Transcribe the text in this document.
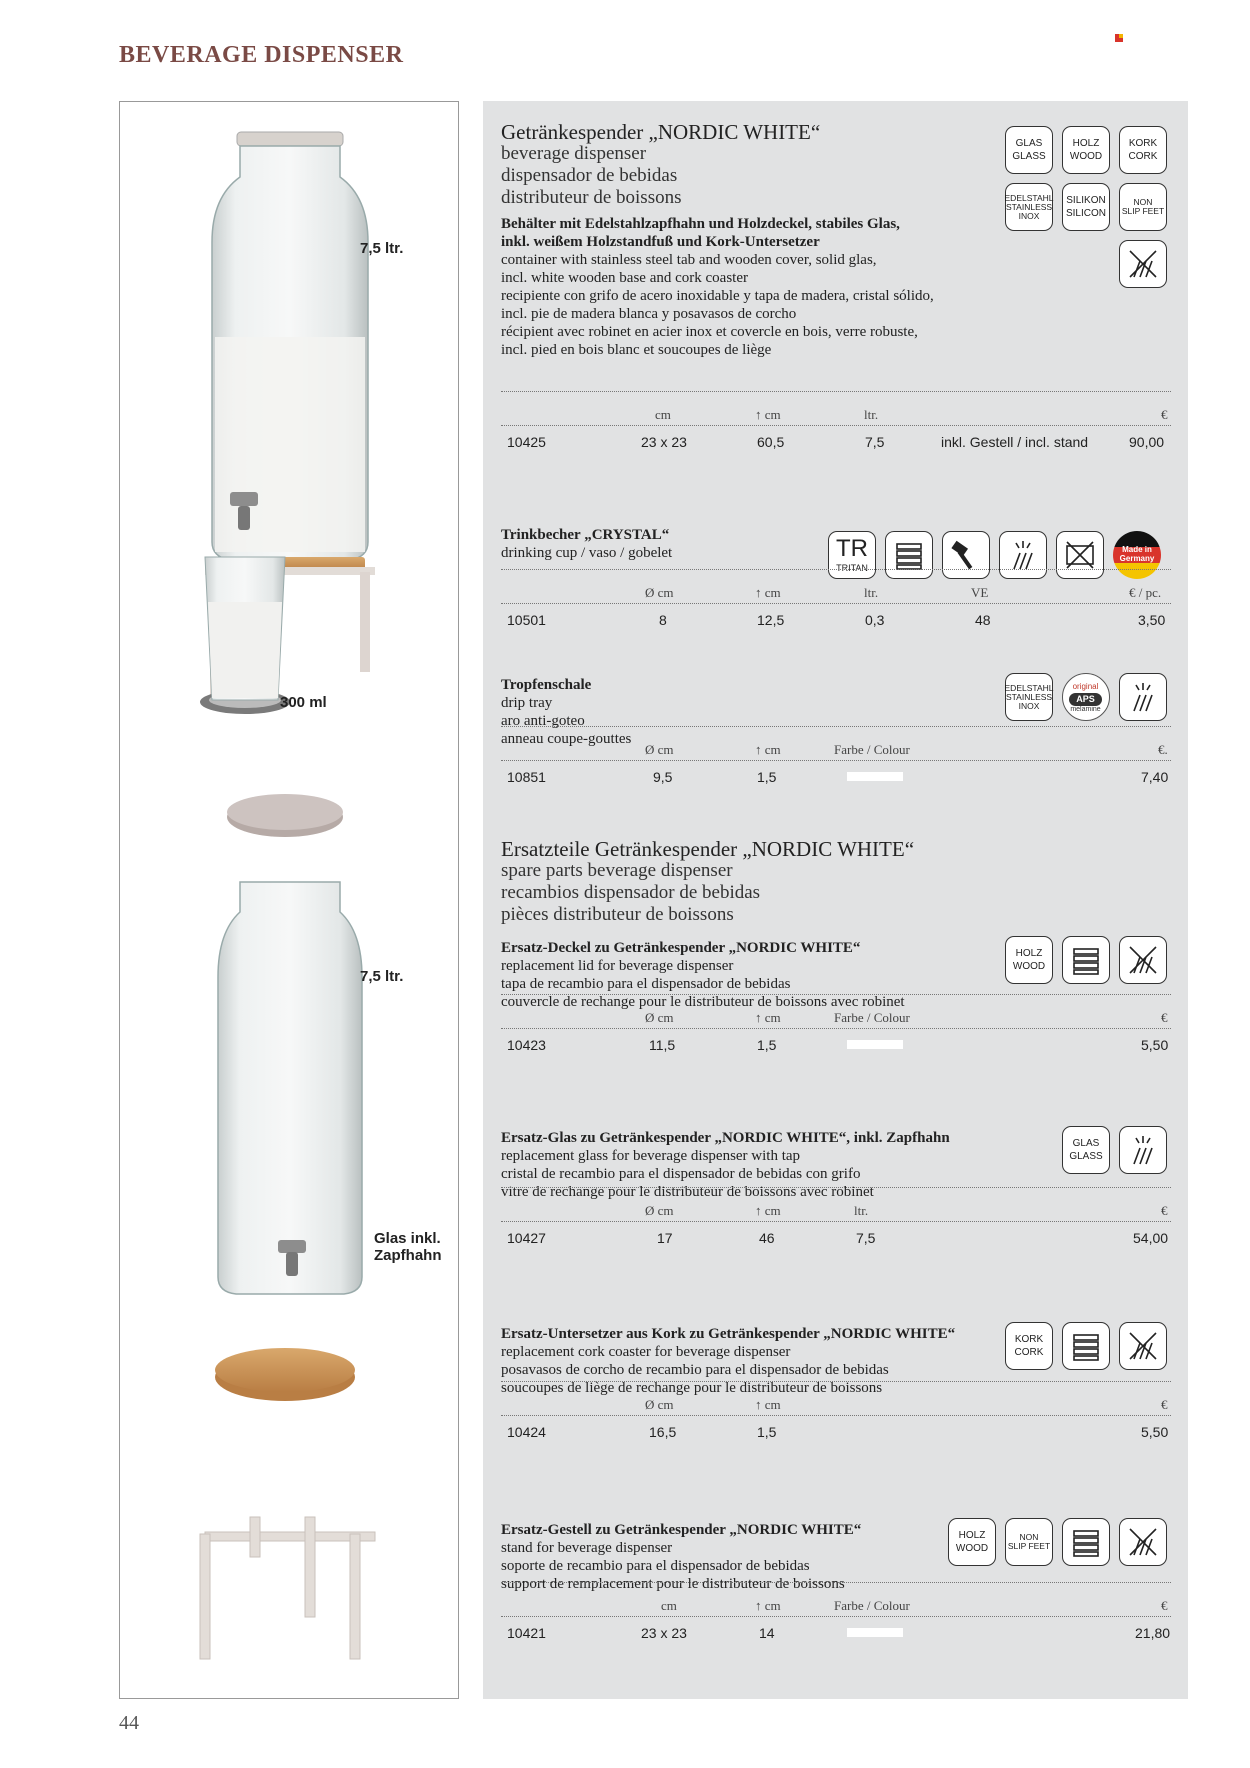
BEVERAGE DISPENSER
44
7,5 ltr.
300 ml
7,5 ltr.
Glas inkl.
Zapfhahn
Getränkespender „NORDIC WHITE“
beverage dispenser
dispensador de bebidas
distributeur de boissons
Behälter mit Edelstahlzapfhahn und Holzdeckel, stabiles Glas,
inkl. weißem Holzstandfuß und Kork-Untersetzer
container with stainless steel tab and wooden cover, solid glas,
incl. white wooden base and cork coaster
recipiente con grifo de acero inoxidable y tapa de madera, cristal sólido,
incl. pie de madera blanca y posavasos de corcho
récipient avec robinet en acier inox et coverclе en bois, verre robuste,
incl. pied en bois blanc et soucoupes de liège
GLAS
GLASS
HOLZ
WOOD
KORK
CORK
EDELSTAHL
STAINLESS
INOX
SILIKON
SILICON
NON
SLIP FEET
cm	↑ cm	ltr.	€
10425	23 x 23	60,5	7,5	inkl. Gestell / incl. stand	90,00
Trinkbecher „CRYSTAL“
drinking cup / vaso / gobelet	TR
TRITAN
Made in
Germany
Ø cm	↑ cm	ltr.	VE	€ / pc.
10501	8	12,5	0,3	48	3,50
Tropfenschale
drip tray
aro anti-goteo
anneau coupe-gouttes
EDELSTAHL
STAINLESS
INOX
original
APS
melamine
Ø cm	↑ cm	Farbe / Colour	€.
10851	9,5	1,5	7,40
Ersatzteile Getränkespender „NORDIC WHITE“
spare parts beverage dispenser
recambios dispensador de bebidas
pièces distributeur de boissons
Ersatz-Deckel zu Getränkespender „NORDIC WHITE“
replacement lid for beverage dispenser
tapa de recambio para el dispensador de bebidas
couvercle de rechange pour le distributeur de boissons avec robinet
HOLZ
WOOD
Ø cm	↑ cm	Farbe / Colour	€
10423	11,5	1,5	5,50
Ersatz-Glas zu Getränkespender „NORDIC WHITE“, inkl. Zapfhahn
replacement glass for beverage dispenser with tap
cristal de recambio para el dispensador de bebidas con grifo
vitre de rechange pour le distributeur de boissons avec robinet
GLAS
GLASS
Ø cm	↑ cm	ltr.	€
10427	17	46	7,5	54,00
Ersatz-Untersetzer aus Kork zu Getränkespender „NORDIC WHITE“
replacement cork coaster for beverage dispenser
posavasos de corcho de recambio para el dispensador de bebidas
soucoupes de liège de rechange pour le distributeur de boissons
KORK
CORK
Ø cm	↑ cm	€
10424	16,5	1,5	5,50
Ersatz-Gestell zu Getränkespender „NORDIC WHITE“
stand for beverage dispenser
soporte de recambio para el dispensador de bebidas
support de remplacement pour le distributeur de boissons
HOLZ
WOOD
NON
SLIP FEET
cm	↑ cm	Farbe / Colour	€
10421	23 x 23	14	21,80
